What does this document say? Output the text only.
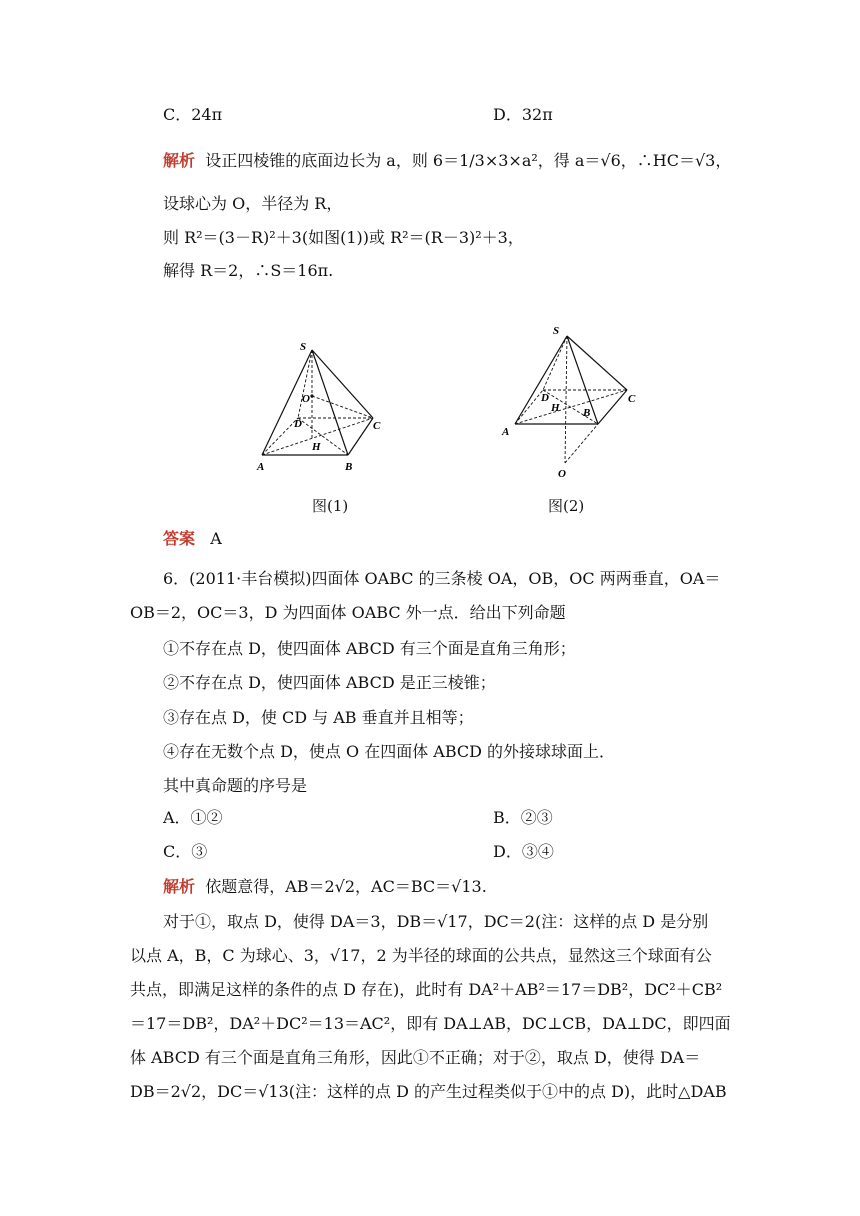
C．24π	D．32π
解析 设正四棱锥的底面边长为 a，则 6＝1/3×3×a²，得 a＝√6，∴HC＝√3，
设球心为 O，半径为 R，
则 R²＝(3－R)²＋3(如图(1))或 R²＝(R－3)²＋3，
解得 R＝2，∴S＝16π.
S
O
D	C
H
A	B
图(1)
S
D
H B
C
A
O
图(2)
答案 A
6．(2011·丰台模拟)四面体 OABC 的三条棱 OA，OB，OC 两两垂直，OA＝
OB＝2，OC＝3，D 为四面体 OABC 外一点．给出下列命题
①不存在点 D，使四面体 ABCD 有三个面是直角三角形；
②不存在点 D，使四面体 ABCD 是正三棱锥；
③存在点 D，使 CD 与 AB 垂直并且相等；
④存在无数个点 D，使点 O 在四面体 ABCD 的外接球球面上．
其中真命题的序号是
A．①②	B．②③
C．③	D．③④
解析 依题意得，AB＝2√2，AC＝BC＝√13.
对于①，取点 D，使得 DA＝3，DB＝√17，DC＝2(注：这样的点 D 是分别
以点 A，B，C 为球心、3，√17，2 为半径的球面的公共点，显然这三个球面有公
共点，即满足这样的条件的点 D 存在)，此时有 DA²＋AB²＝17＝DB²，DC²＋CB²
＝17＝DB²，DA²＋DC²＝13＝AC²，即有 DA⊥AB，DC⊥CB，DA⊥DC，即四面
体 ABCD 有三个面是直角三角形，因此①不正确；对于②，取点 D，使得 DA＝
DB＝2√2，DC＝√13(注：这样的点 D 的产生过程类似于①中的点 D)，此时△DAB
